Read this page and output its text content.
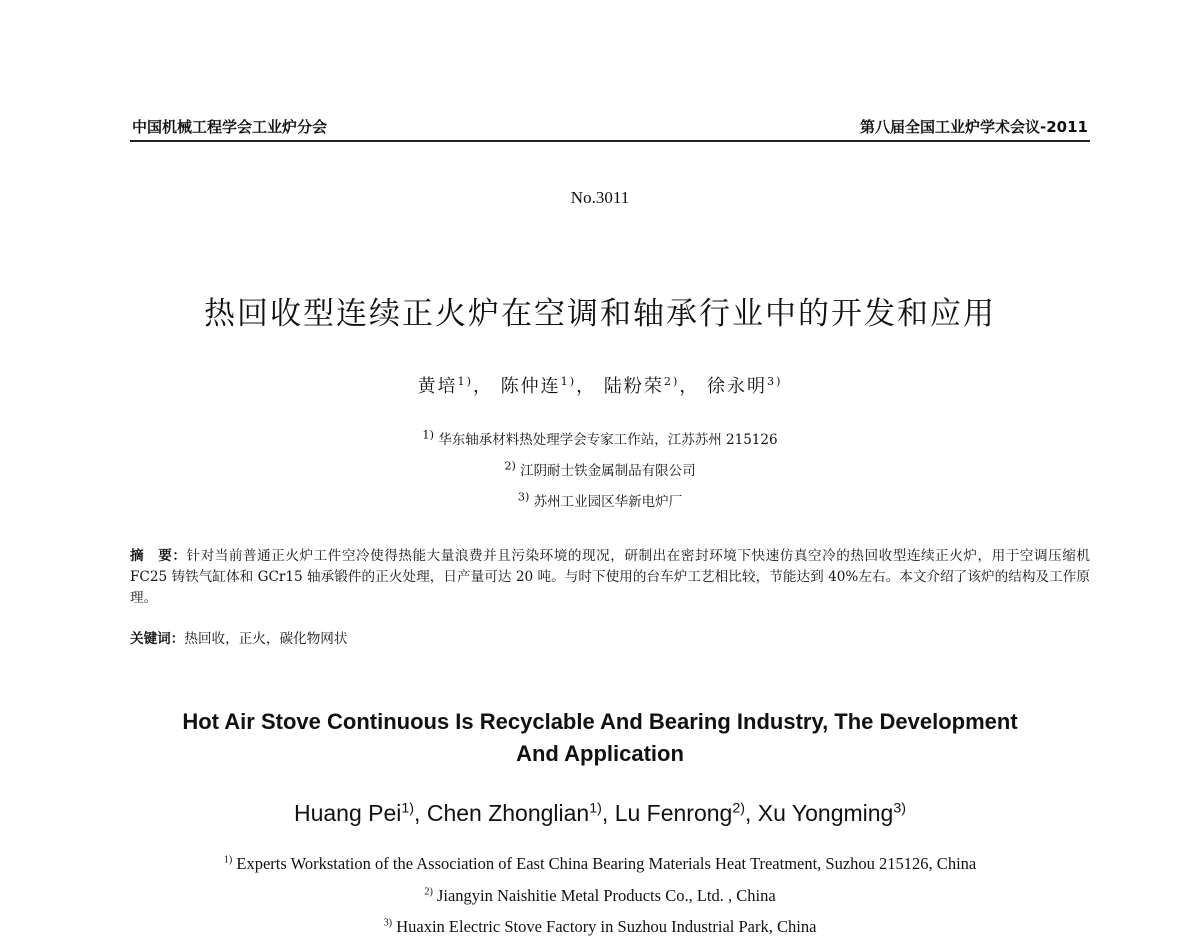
中国机械工程学会工业炉分会	第八届全国工业炉学术会议-2011
No.3011
热回收型连续正火炉在空调和轴承行业中的开发和应用
黄培$^{1)}$， 陈仲连$^{1)}$， 陆粉荣$^{2)}$， 徐永明$^{3)}$
$^{1)}$ 华东轴承材料热处理学会专家工作站，江苏苏州 215126
$^{2)}$ 江阴耐士铁金属制品有限公司
$^{3)}$ 苏州工业园区华新电炉厂
摘　要：针对当前普通正火炉工件空冷使得热能大量浪费并且污染环境的现况，研制出在密封环境下快速仿真空冷的热回收型连续正火炉，用于空调压缩机 FC25 铸铁气缸体和 GCr15 轴承锻件的正火处理，日产量可达 20 吨。与时下使用的台车炉工艺相比较，节能达到 40%左右。本文介绍了该炉的结构及工作原理。
关键词：热回收，正火，碳化物网状
Hot Air Stove Continuous Is Recyclable And Bearing Industry, The Development
And Application
Huang Pei$^{1)}$, Chen Zhonglian$^{1)}$, Lu Fenrong$^{2)}$, Xu Yongming$^{3)}$
$^{1)}$ Experts Workstation of the Association of East China Bearing Materials Heat Treatment, Suzhou 215126, China
$^{2)}$ Jiangyin Naishitie Metal Products Co., Ltd. , China
$^{3)}$ Huaxin Electric Stove Factory in Suzhou Industrial Park, China
